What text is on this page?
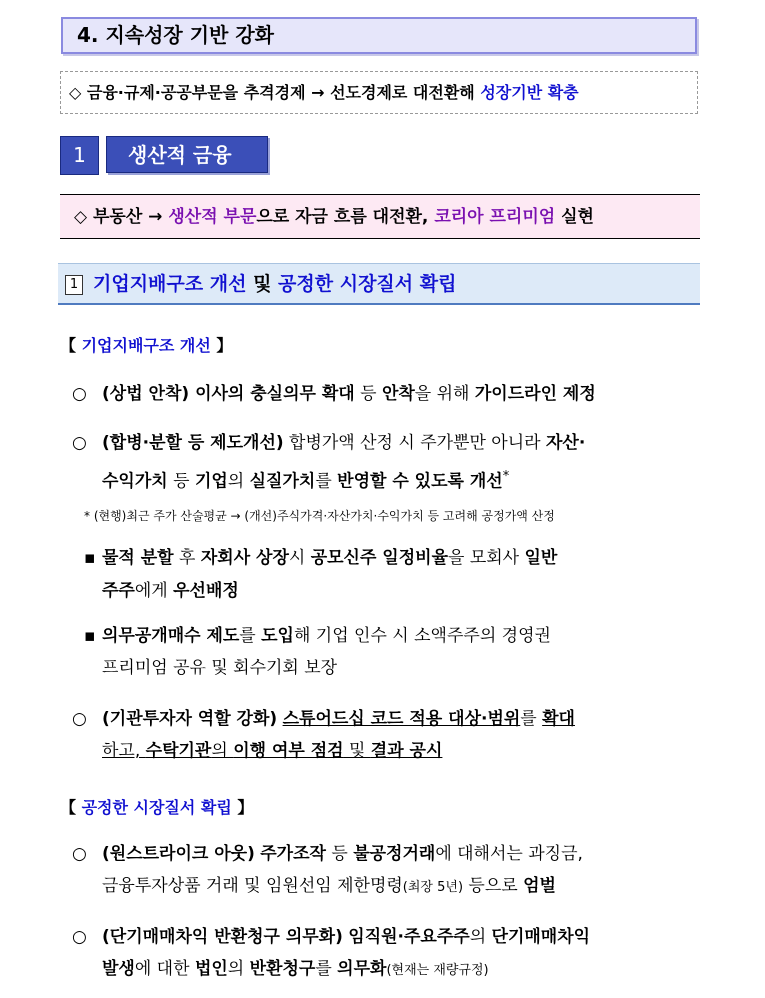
4. 지속성장 기반 강화
◇ 금융·규제·공공부문을 추격경제 → 선도경제로 대전환해 성장기반 확충
1	생산적 금융
◇ 부동산 → 생산적 부문으로 자금 흐름 대전환, 코리아 프리미엄 실현
1 기업지배구조 개선 및 공정한 시장질서 확립
【 기업지배구조 개선 】
○ (상법 안착) 이사의 충실의무 확대 등 안착을 위해 가이드라인 제정
○ (합병·분할 등 제도개선) 합병가액 산정 시 주가뿐만 아니라 자산·
수익가치 등 기업의 실질가치를 반영할 수 있도록 개선*
* (현행)최근 주가 산술평균 → (개선)주식가격·자산가치·수익가치 등 고려해 공정가액 산정
▪ 물적 분할 후 자회사 상장시 공모신주 일정비율을 모회사 일반
주주에게 우선배정
▪ 의무공개매수 제도를 도입해 기업 인수 시 소액주주의 경영권
프리미엄 공유 및 회수기회 보장
○ (기관투자자 역할 강화) 스튜어드십 코드 적용 대상·범위를 확대
하고, 수탁기관의 이행 여부 점검 및 결과 공시
【 공정한 시장질서 확립 】
○ (원스트라이크 아웃) 주가조작 등 불공정거래에 대해서는 과징금,
금융투자상품 거래 및 임원선임 제한명령(최장 5년) 등으로 엄벌
○ (단기매매차익 반환청구 의무화) 임직원·주요주주의 단기매매차익
발생에 대한 법인의 반환청구를 의무화(현재는 재량규정)
